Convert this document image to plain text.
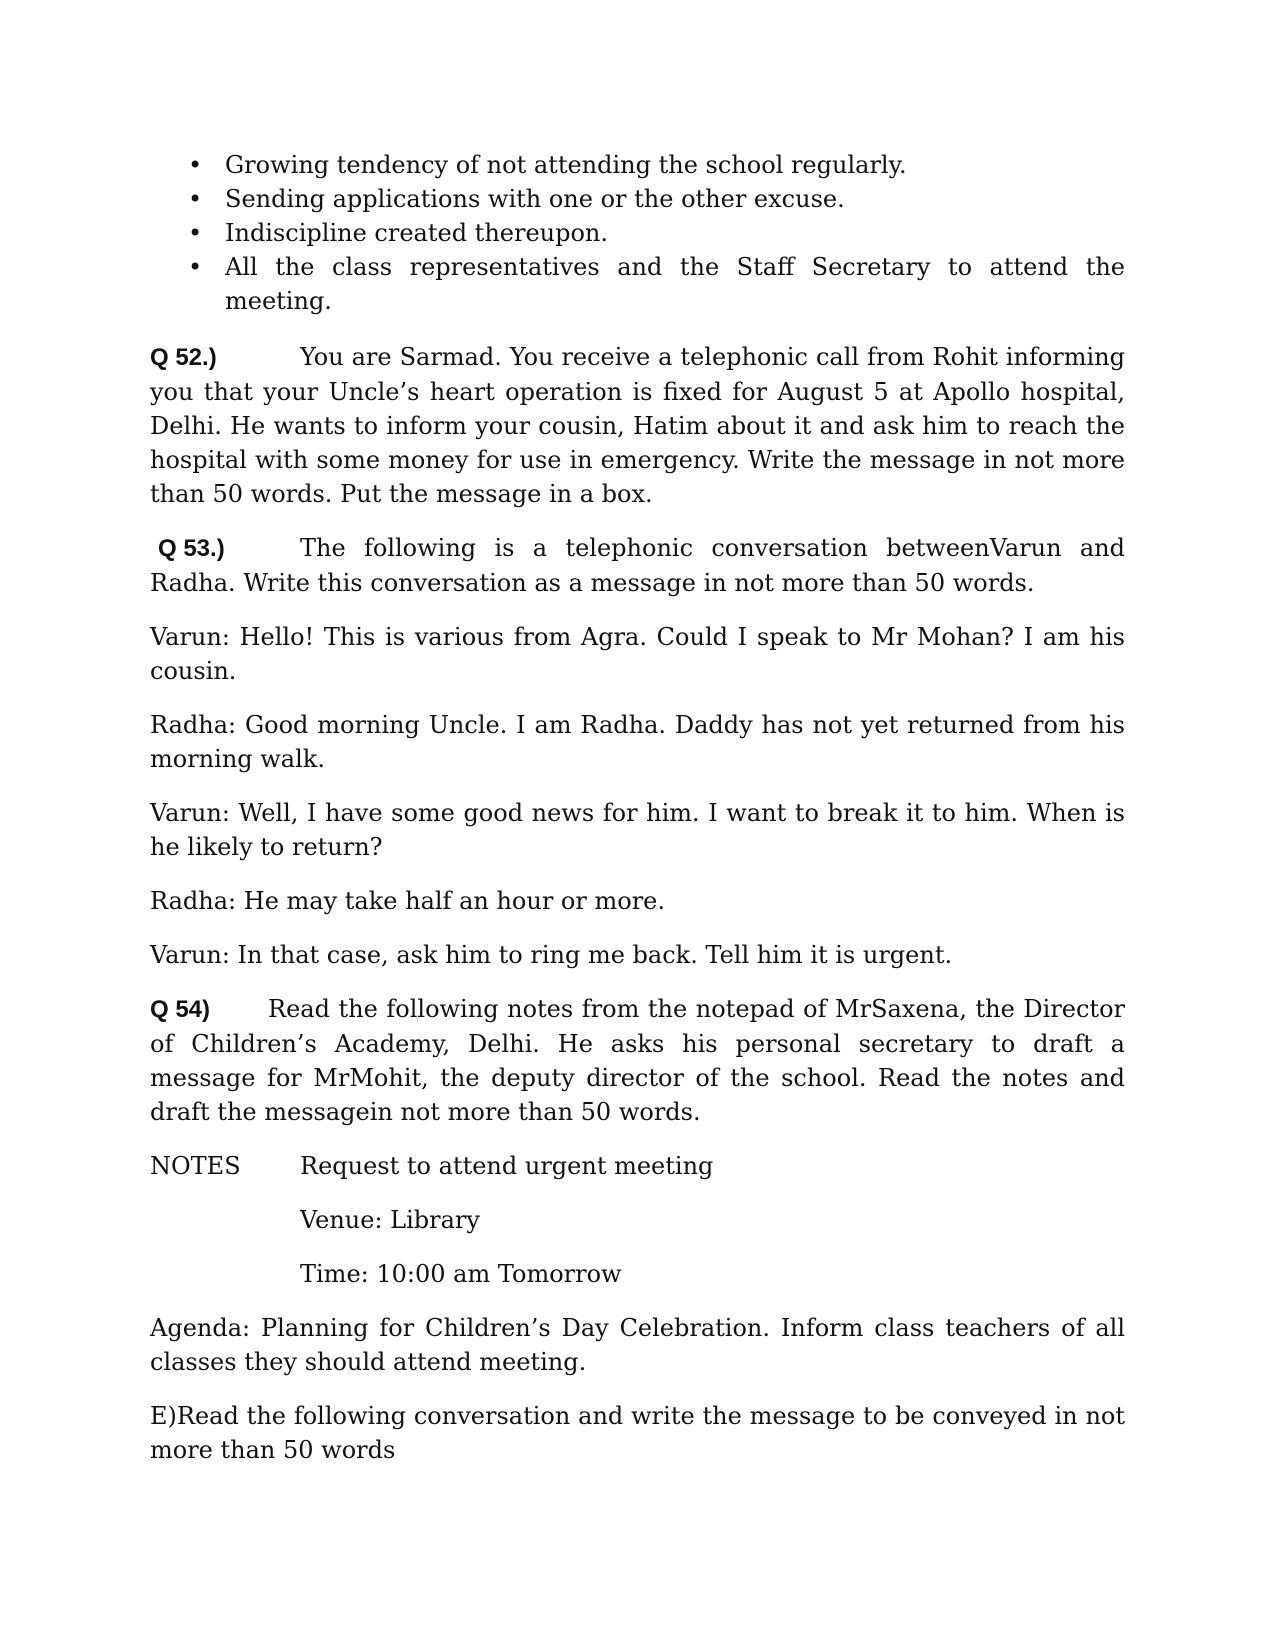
• Growing tendency of not attending the school regularly.
• Sending applications with one or the other excuse.
• Indiscipline created thereupon.
• All the class representatives and the Staff Secretary to attend the meeting.

Q 52.)	You are Sarmad. You receive a telephonic call from Rohit informing you that your Uncle’s heart operation is fixed for August 5 at Apollo hospital, Delhi. He wants to inform your cousin, Hatim about it and ask him to reach the hospital with some money for use in emergency. Write the message in not more than 50 words. Put the message in a box.

Q 53.)	The following is a telephonic conversation betweenVarun and Radha. Write this conversation as a message in not more than 50 words.

Varun: Hello! This is various from Agra. Could I speak to Mr Mohan? I am his cousin.

Radha: Good morning Uncle. I am Radha. Daddy has not yet returned from his morning walk.

Varun: Well, I have some good news for him. I want to break it to him. When is he likely to return?

Radha: He may take half an hour or more.

Varun: In that case, ask him to ring me back. Tell him it is urgent.

Q 54) Read the following notes from the notepad of MrSaxena, the Director of Children’s Academy, Delhi. He asks his personal secretary to draft a message for MrMohit, the deputy director of the school. Read the notes and draft the messagein not more than 50 words.

NOTES	Request to attend urgent meeting
Venue: Library
Time: 10:00 am Tomorrow

Agenda: Planning for Children’s Day Celebration. Inform class teachers of all classes they should attend meeting.

E)Read the following conversation and write the message to be conveyed in not more than 50 words
